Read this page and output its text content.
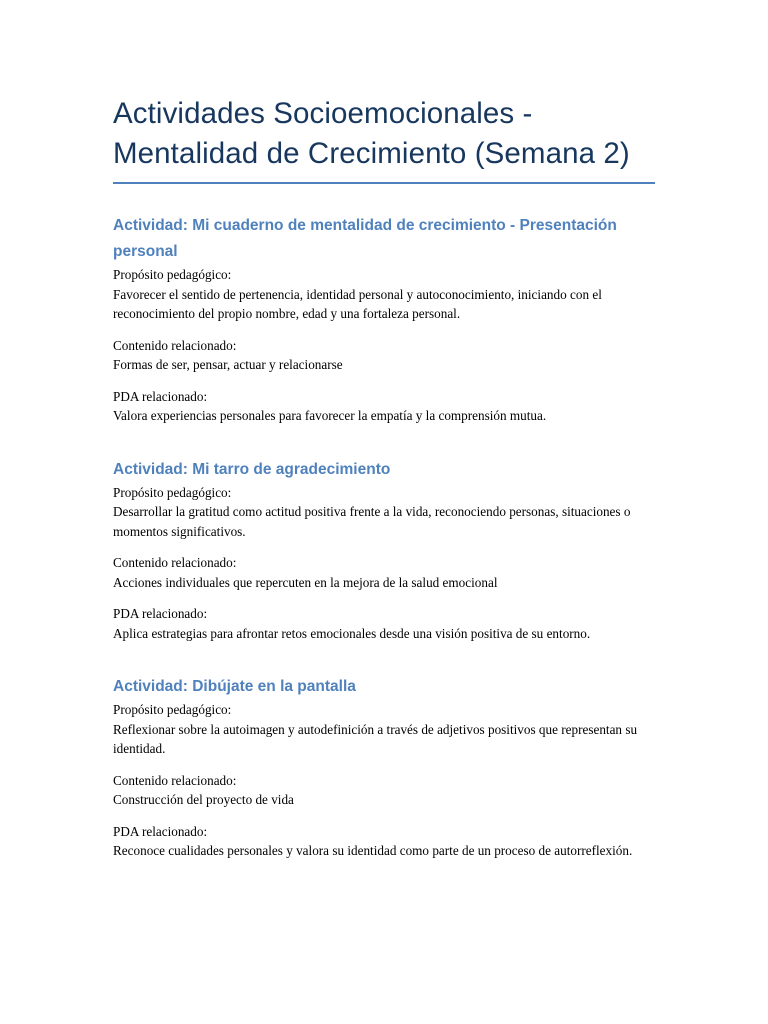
Actividades Socioemocionales -
Mentalidad de Crecimiento (Semana 2)
Actividad: Mi cuaderno de mentalidad de crecimiento - Presentación personal

Propósito pedagógico:
Favorecer el sentido de pertenencia, identidad personal y autoconocimiento, iniciando con el reconocimiento del propio nombre, edad y una fortaleza personal.

Contenido relacionado:
Formas de ser, pensar, actuar y relacionarse

PDA relacionado:
Valora experiencias personales para favorecer la empatía y la comprensión mutua.

Actividad: Mi tarro de agradecimiento

Propósito pedagógico:
Desarrollar la gratitud como actitud positiva frente a la vida, reconociendo personas, situaciones o momentos significativos.

Contenido relacionado:
Acciones individuales que repercuten en la mejora de la salud emocional

PDA relacionado:
Aplica estrategias para afrontar retos emocionales desde una visión positiva de su entorno.

Actividad: Dibújate en la pantalla

Propósito pedagógico:
Reflexionar sobre la autoimagen y autodefinición a través de adjetivos positivos que representan su identidad.

Contenido relacionado:
Construcción del proyecto de vida

PDA relacionado:
Reconoce cualidades personales y valora su identidad como parte de un proceso de autorreflexión.
